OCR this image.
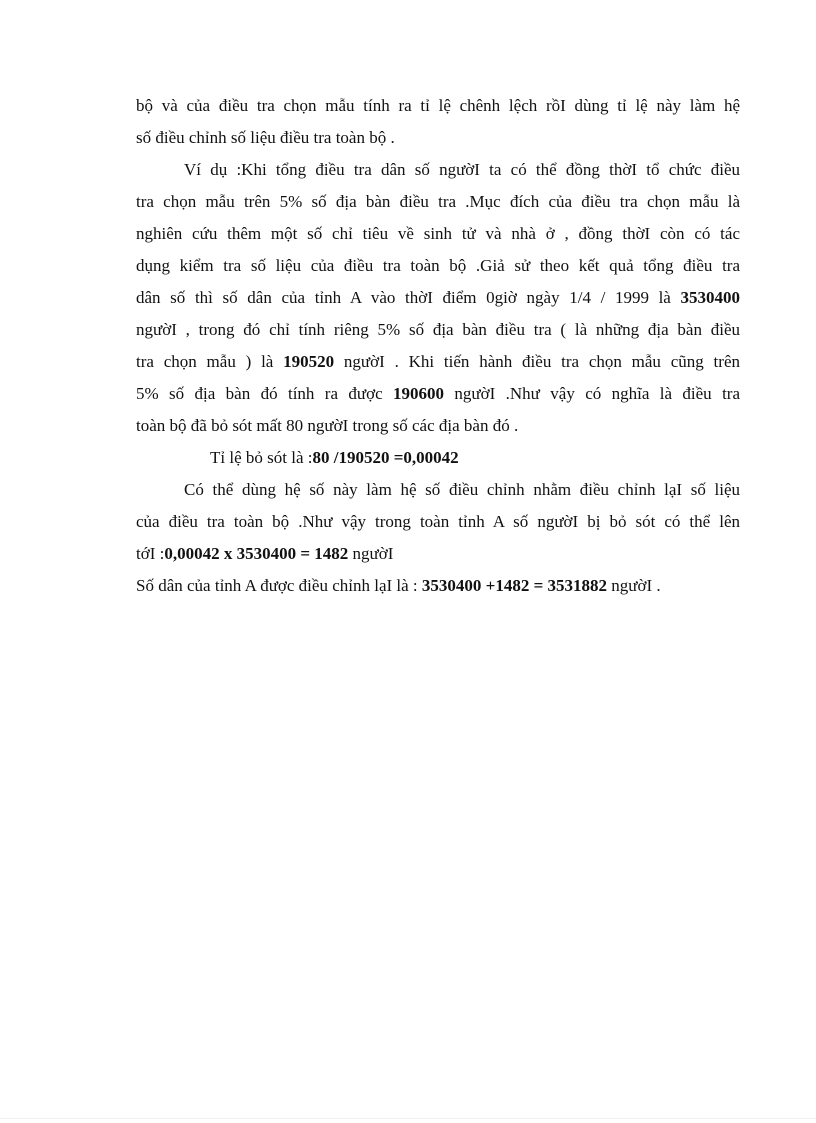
bộ và của điều tra chọn mẫu tính ra tỉ lệ chênh lệch rồI dùng tỉ lệ này làm hệ
số điều chỉnh số liệu điều tra toàn bộ .
Ví dụ :Khi tổng điều tra dân số ngườI ta có thể đồng thờI tổ chức điều
tra chọn mẫu trên 5% số địa bàn điều tra .Mục đích của điều tra chọn mẫu là
nghiên cứu thêm một số chỉ tiêu về sinh tử và nhà ở , đồng thờI còn có tác
dụng kiểm tra số liệu của điều tra toàn bộ .Giả sử theo kết quả tổng điều tra
dân số thì số dân của tỉnh A vào thờI điểm 0giờ ngày 1/4 / 1999 là 3530400
ngườI , trong đó chỉ tính riêng 5% số địa bàn điều tra ( là những địa bàn điều
tra chọn mẫu ) là 190520 ngườI . Khi tiến hành điều tra chọn mẫu cũng trên
5% số địa bàn đó tính ra được 190600 ngườI .Như vậy có nghĩa là điều tra
toàn bộ đã bỏ sót mất 80 ngườI trong số các địa bàn đó .
Tỉ lệ bỏ sót là :80 /190520 =0,00042
Có thể dùng hệ số này làm hệ số điều chỉnh nhằm điều chỉnh lạI số liệu
của điều tra toàn bộ .Như vậy trong toàn tỉnh A số ngườI bị bỏ sót có thể lên
tớI :0,00042 x 3530400 = 1482 ngườI
Số dân của tỉnh A được điều chỉnh lạI là : 3530400 +1482 = 3531882 ngườI .
